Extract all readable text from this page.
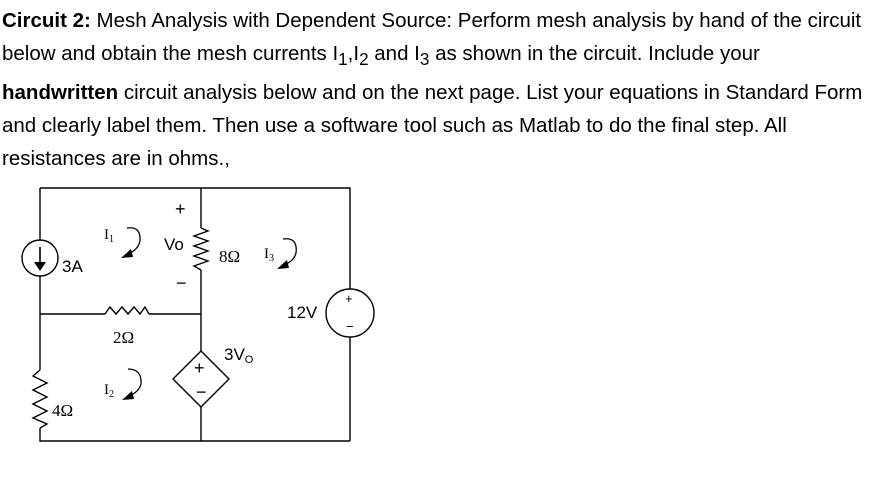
Circuit 2: Mesh Analysis with Dependent Source: Perform mesh analysis by hand of the circuit below and obtain the mesh currents $I_1,I_2$ and $I_3$ as shown in the circuit. Include your handwritten circuit analysis below and on the next page. List your equations in Standard Form and clearly label them. Then use a software tool such as Matlab to do the final step. All resistances are in ohms.,
3A
4Ω
2Ω
8Ω
+
Vo
−
+
−
3VO
+
−
12V
$I_1$
$I_2$
$I_3$
